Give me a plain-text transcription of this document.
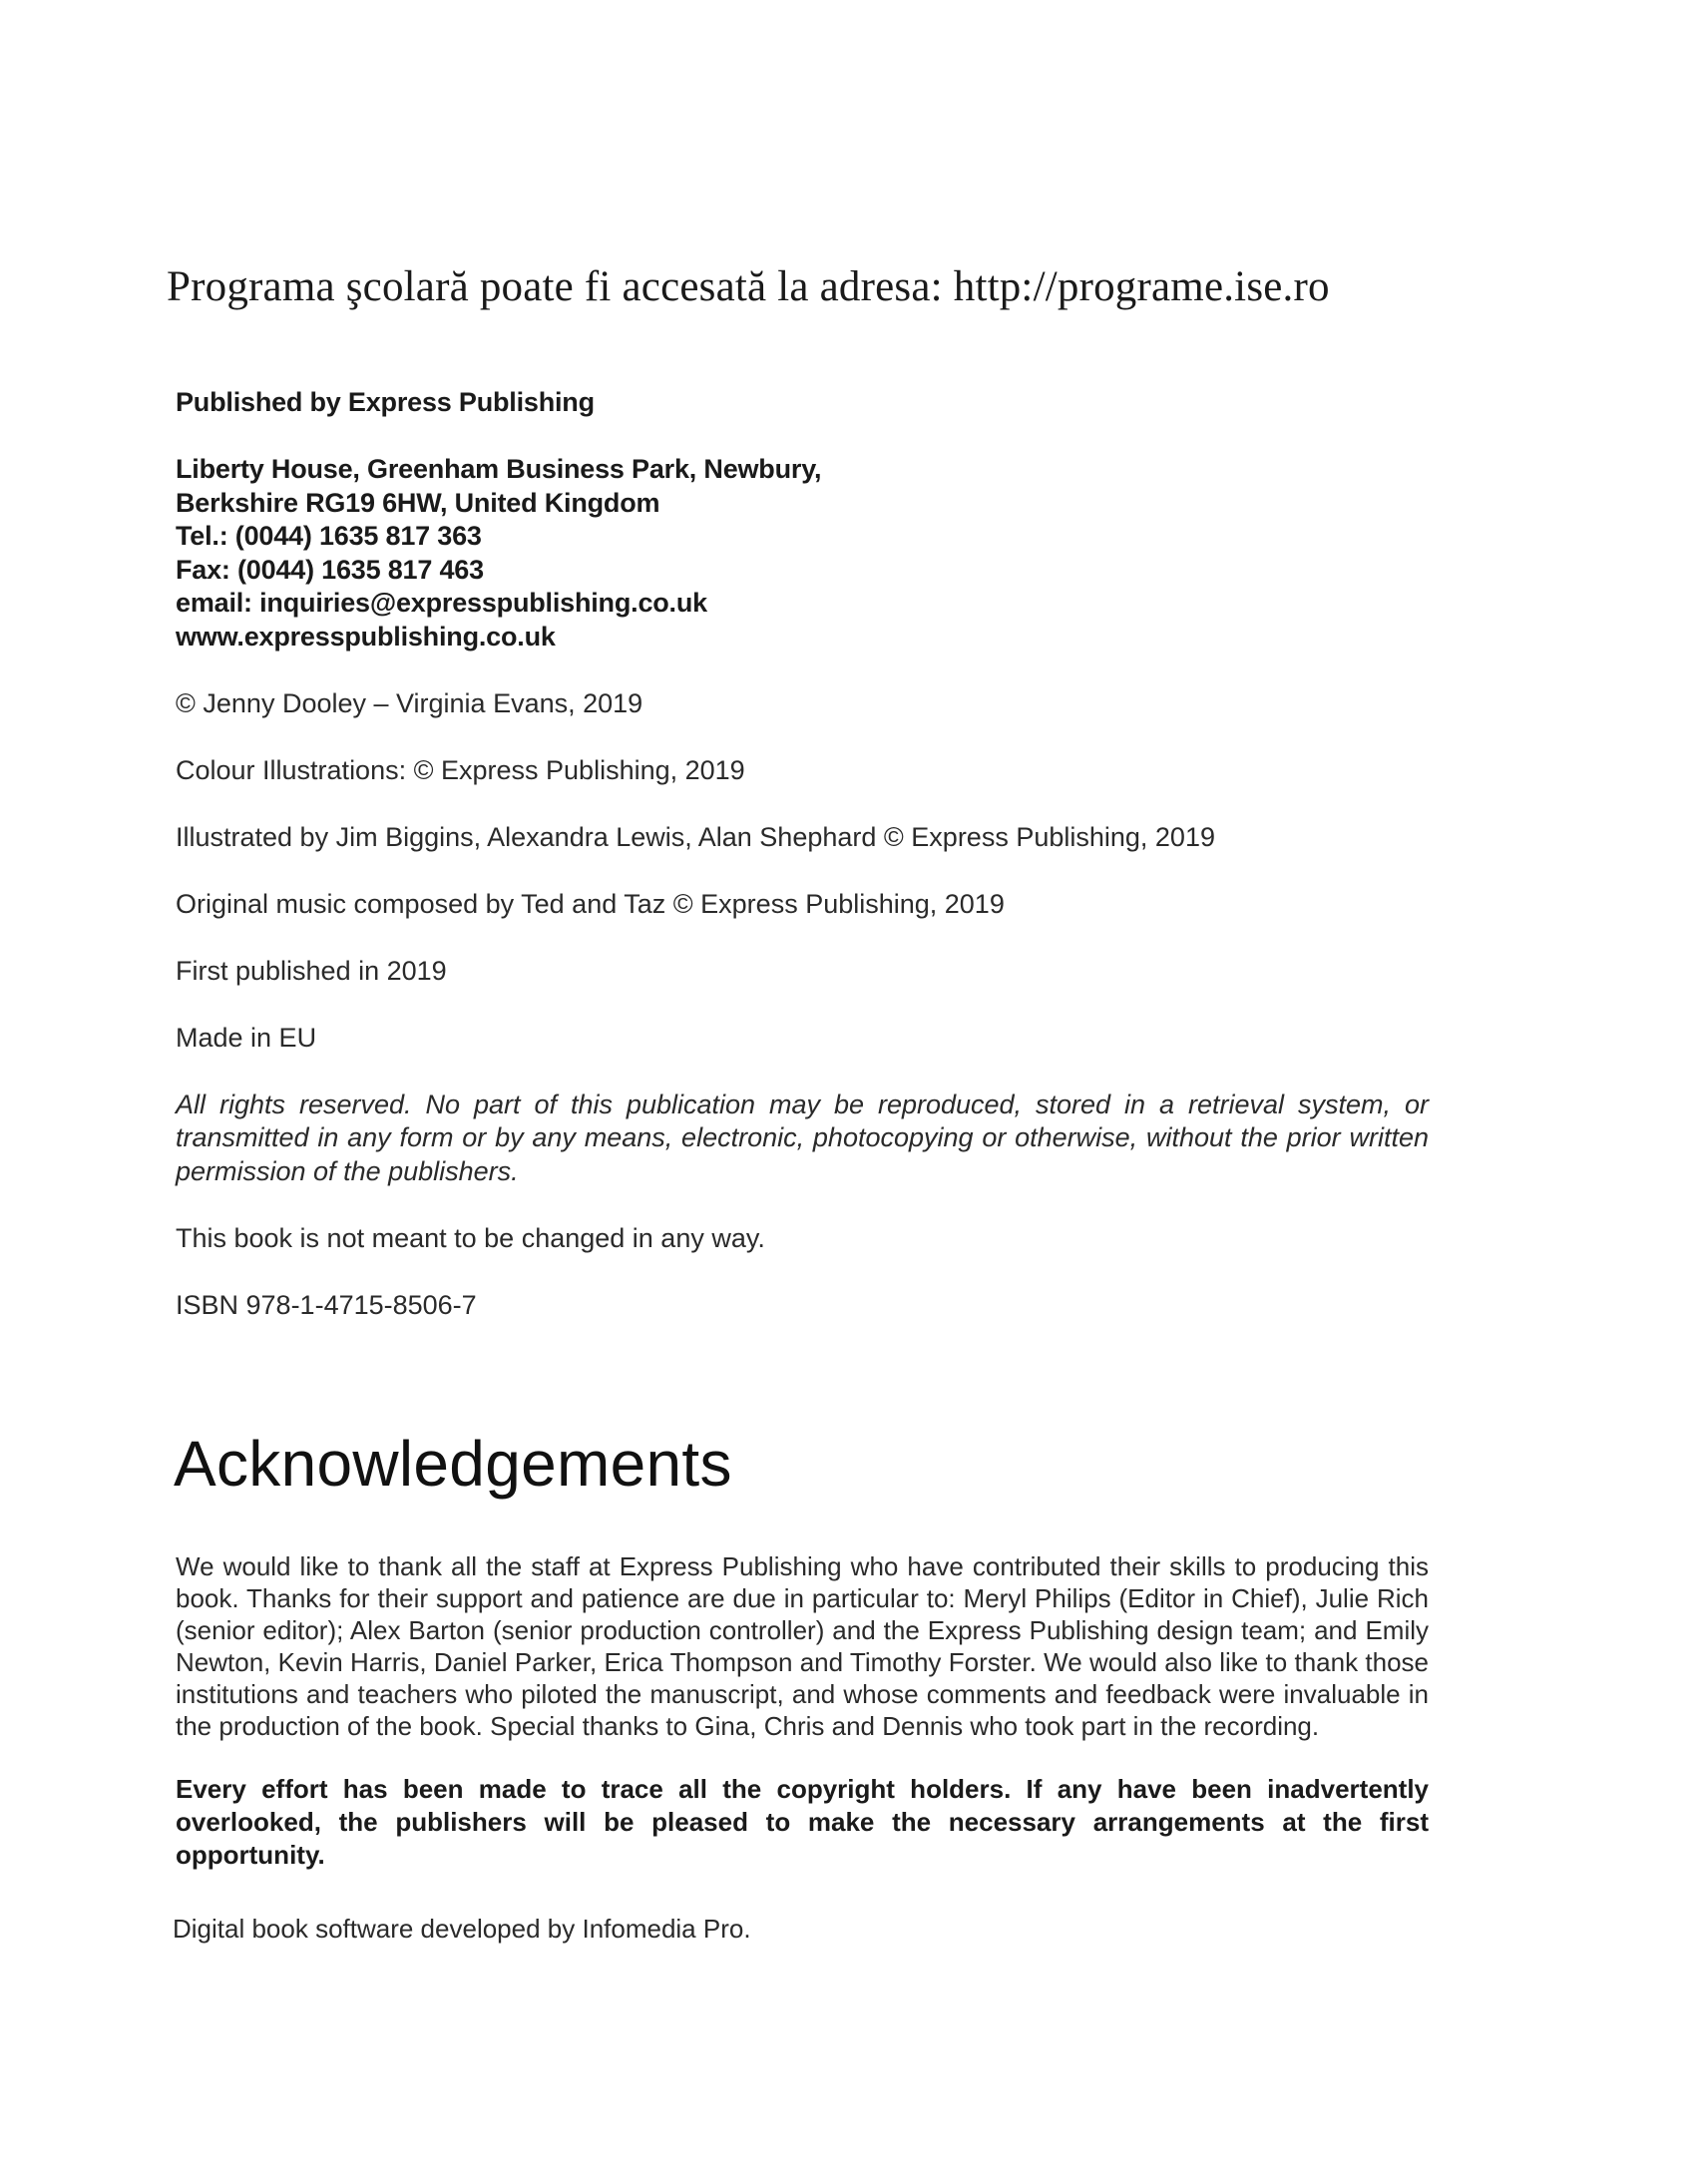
Programa şcolară poate fi accesată la adresa: http://programe.ise.ro

Published by Express Publishing

Liberty House, Greenham Business Park, Newbury,

Berkshire RG19 6HW, United Kingdom

Tel.: (0044) 1635 817 363

Fax: (0044) 1635 817 463

email: inquiries@expresspublishing.co.uk

www.expresspublishing.co.uk

© Jenny Dooley – Virginia Evans, 2019

Colour Illustrations: © Express Publishing, 2019

Illustrated by Jim Biggins, Alexandra Lewis, Alan Shephard © Express Publishing, 2019

Original music composed by Ted and Taz © Express Publishing, 2019

First published in 2019

Made in EU

All rights reserved. No part of this publication may be reproduced, stored in a retrieval system, or transmitted in any form or by any means, electronic, photocopying or otherwise, without the prior written permission of the publishers.

This book is not meant to be changed in any way.

ISBN 978-1-4715-8506-7

Acknowledgements
We would like to thank all the staff at Express Publishing who have contributed their skills to producing this book. Thanks for their support and patience are due in particular to: Meryl Philips (Editor in Chief), Julie Rich (senior editor); Alex Barton (senior production controller) and the Express Publishing design team; and Emily Newton, Kevin Harris, Daniel Parker, Erica Thompson and Timothy Forster. We would also like to thank those institutions and teachers who piloted the manuscript, and whose comments and feedback were invaluable in the production of the book. Special thanks to Gina, Chris and Dennis who took part in the recording.
Every effort has been made to trace all the copyright holders. If any have been inadvertently overlooked, the publishers will be pleased to make the necessary arrangements at the first opportunity.
Digital book software developed by Infomedia Pro.
